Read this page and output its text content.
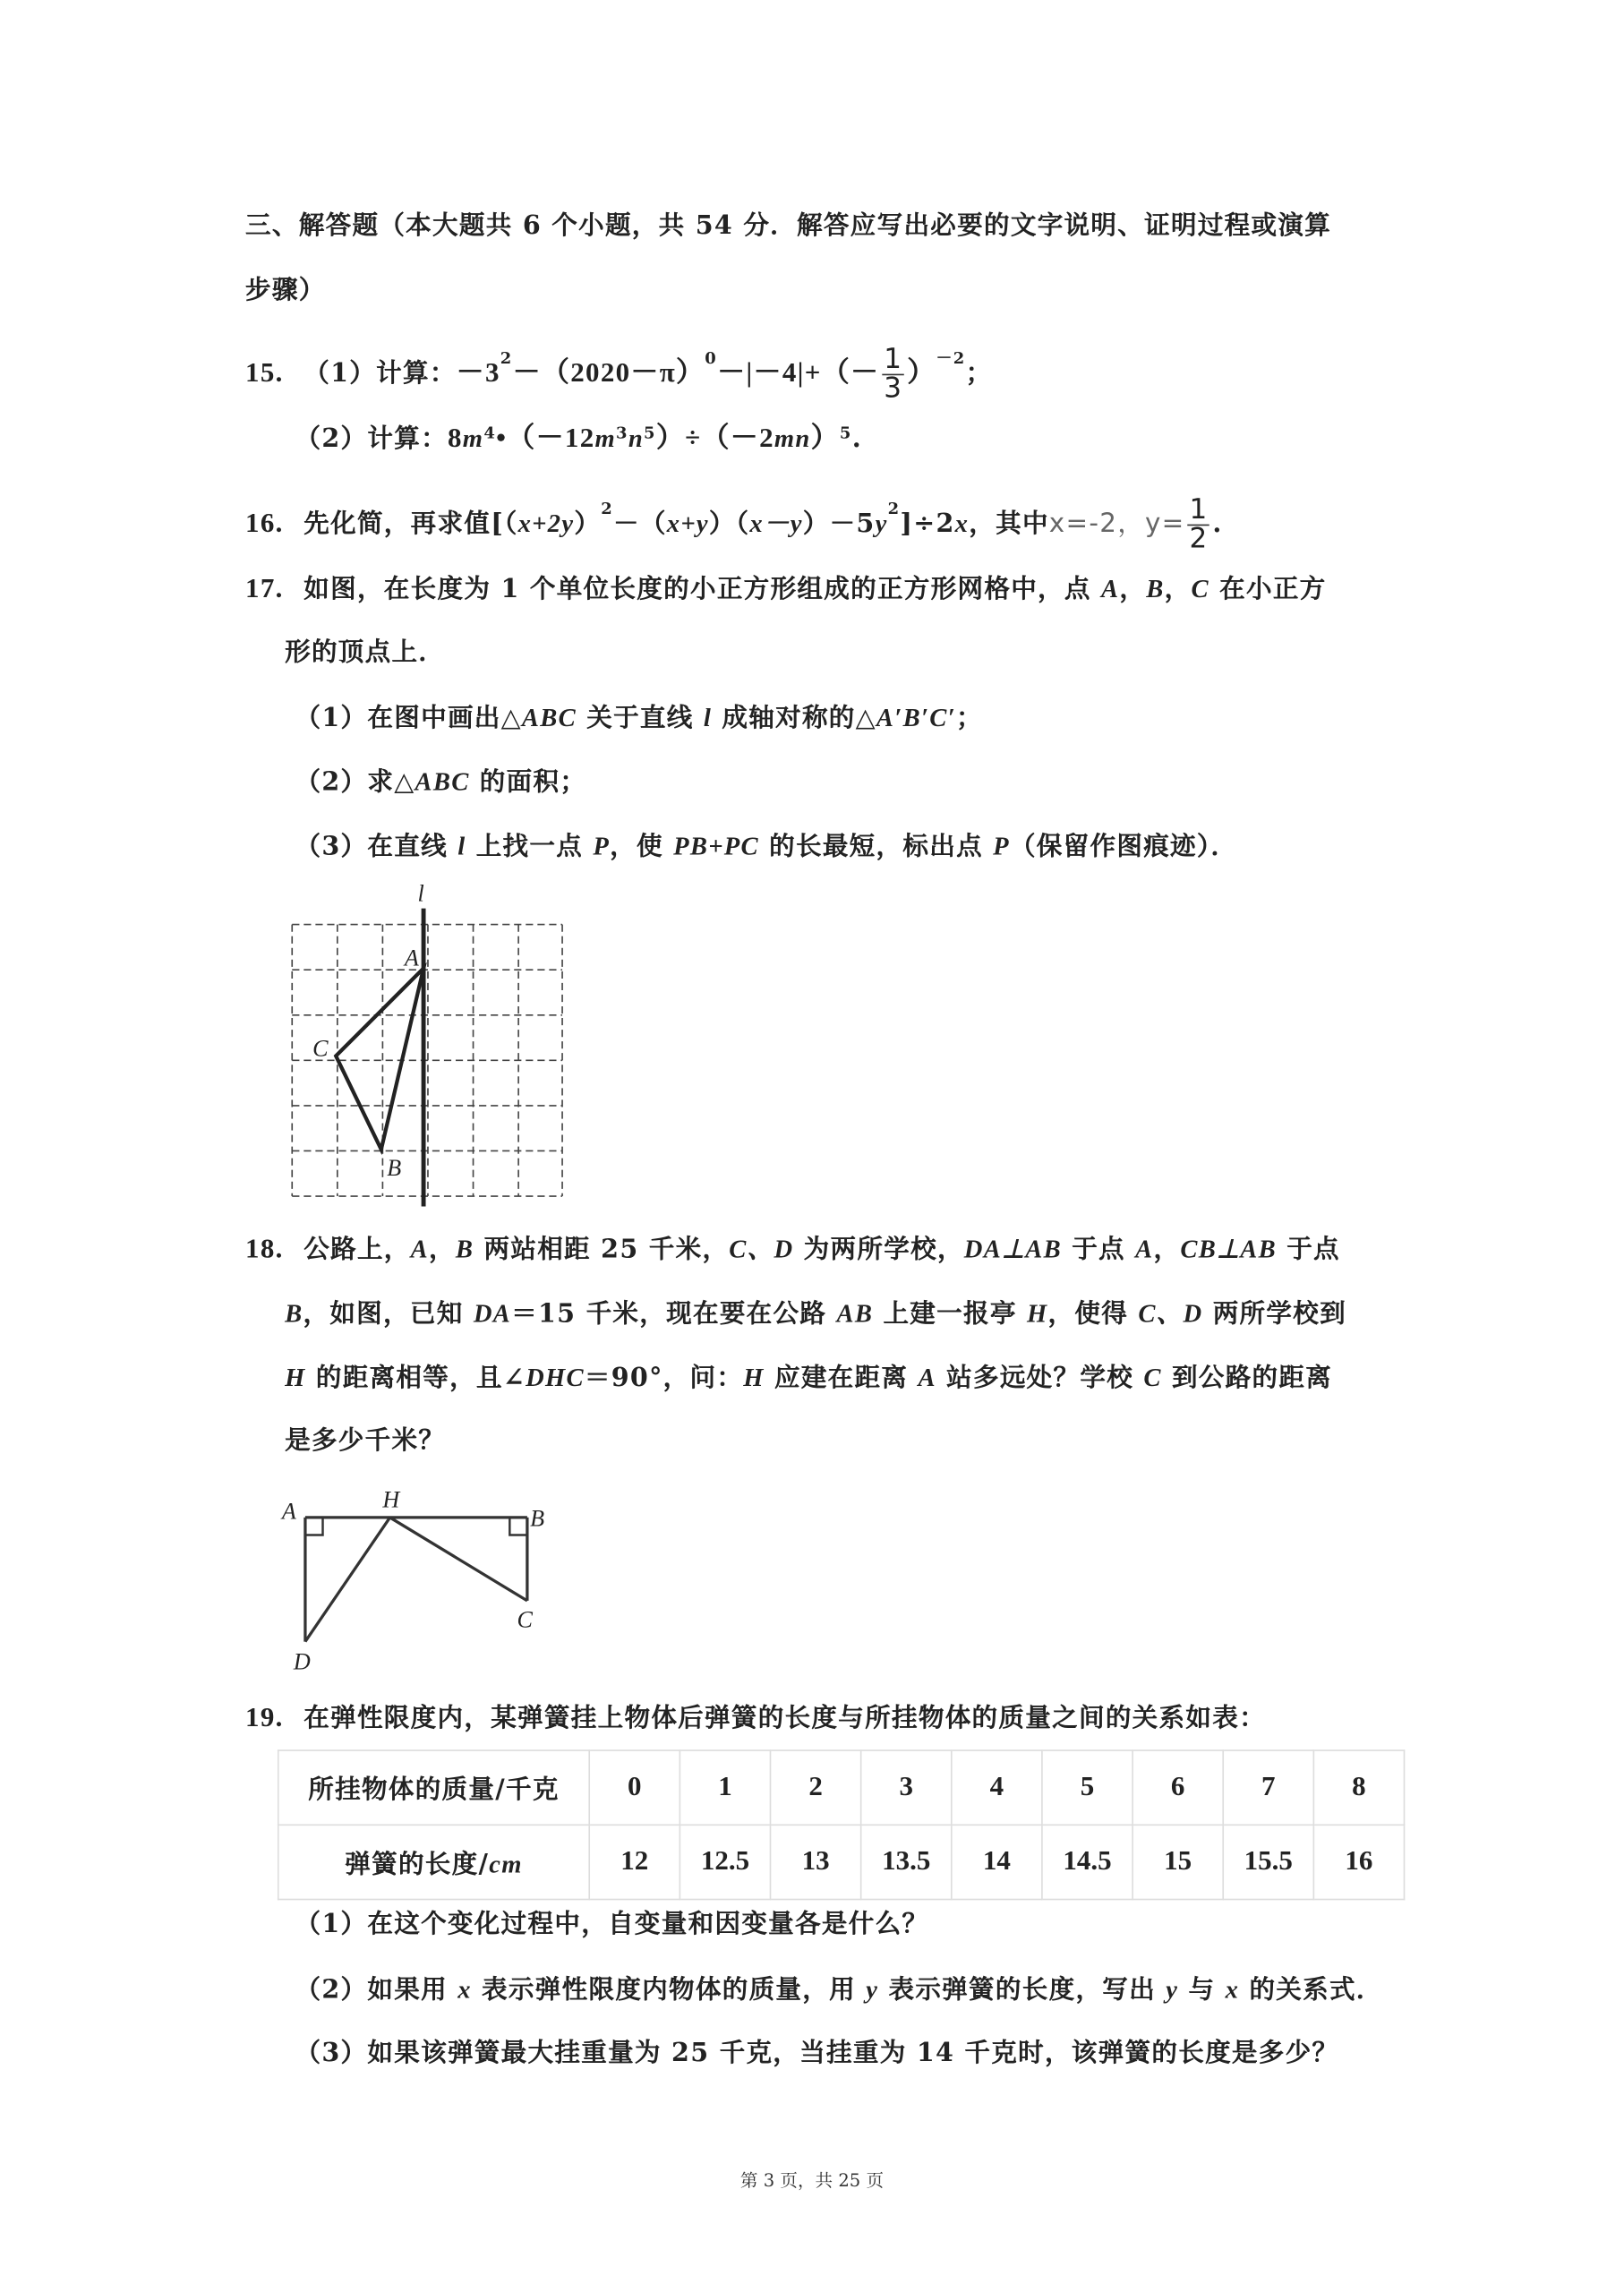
三、解答题（本大题共 6 个小题，共 54 分．解答应写出必要的文字说明、证明过程或演算
步骤）
15. （1）计算：$-3^2-(2020-\pi)^0-|-4|+(- \frac{1}{3} )^{-2}$；
（2）计算：$8m^4•(-12m^3n^5)\div(-2mn)^5$.
16. 先化简，再求值$[(x+2y)^2-(x+y)(x-y)-5y^2]\div 2x$，其中x=-2，$y= \frac{1}{2}$ .
17. 如图，在长度为 1 个单位长度的小正方形组成的正方形网格中，点 A，B，C 在小正方
形的顶点上．
（1）在图中画出△ABC 关于直线 l 成轴对称的△A′B′C′；
（2）求△ABC 的面积；
（3）在直线 l 上找一点 P，使 PB+PC 的长最短，标出点 P（保留作图痕迹）．
l
A
C
B
18. 公路上，A，B 两站相距 25 千米，C、D 为两所学校，DA⊥AB 于点 A，CB⊥AB 于点
B，如图，已知 DA＝15 千米，现在要在公路 AB 上建一报亭 H，使得 C、D 两所学校到
H 的距离相等，且∠DHC＝90°，问：H 应建在距离 A 站多远处？学校 C 到公路的距离
是多少千米？
A	H
B
C
D
19. 在弹性限度内，某弹簧挂上物体后弹簧的长度与所挂物体的质量之间的关系如表：
所挂物体的质量/千克	0	1	2	3	4	5	6	7	8
弹簧的长度/cm	12	12.5	13	13.5	14	14.5	15	15.5	16
（1）在这个变化过程中，自变量和因变量各是什么？
（2）如果用 x 表示弹性限度内物体的质量，用 y 表示弹簧的长度，写出 y 与 x 的关系式．
（3）如果该弹簧最大挂重量为 25 千克，当挂重为 14 千克时，该弹簧的长度是多少？
第 3 页，共 25 页
